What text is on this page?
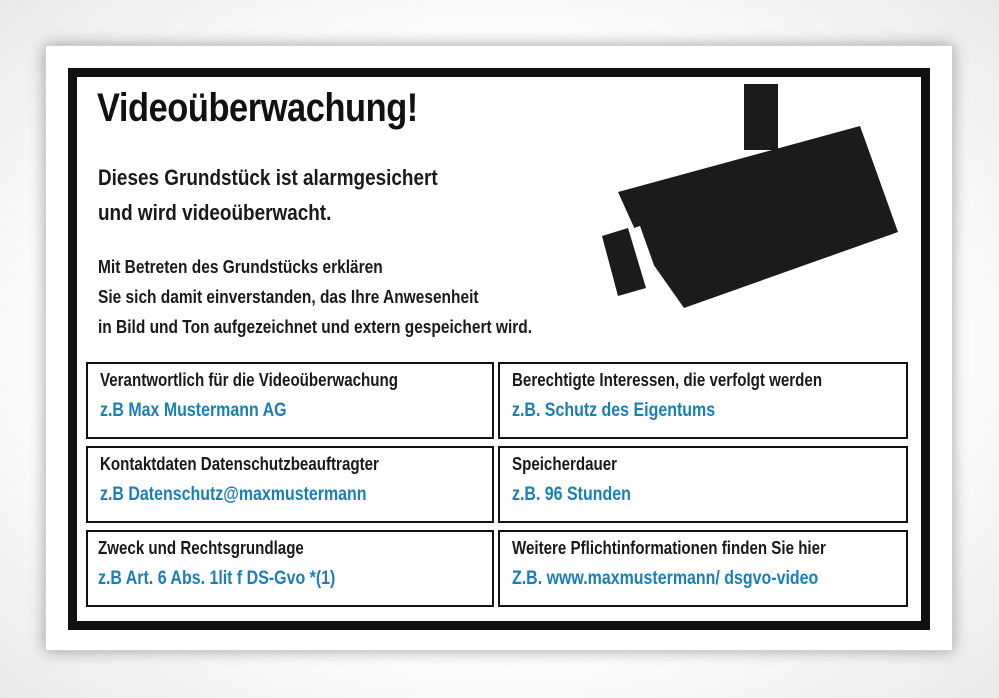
Videoüberwachung!
Dieses Grundstück ist alarmgesichert
und wird videoüberwacht.
Mit Betreten des Grundstücks erklären
Sie sich damit einverstanden, das Ihre Anwesenheit
in Bild und Ton aufgezeichnet und extern gespeichert wird.
Verantwortlich für die Videoüberwachung
z.B Max Mustermann AG
Berechtigte Interessen, die verfolgt werden
z.B. Schutz des Eigentums
Kontaktdaten Datenschutzbeauftragter
z.B Datenschutz@maxmustermann
Speicherdauer
z.B. 96 Stunden
Zweck und Rechtsgrundlage
z.B Art. 6 Abs. 1lit f DS-Gvo *(1)
Weitere Pflichtinformationen finden Sie hier
Z.B. www.maxmustermann/ dsgvo-video
